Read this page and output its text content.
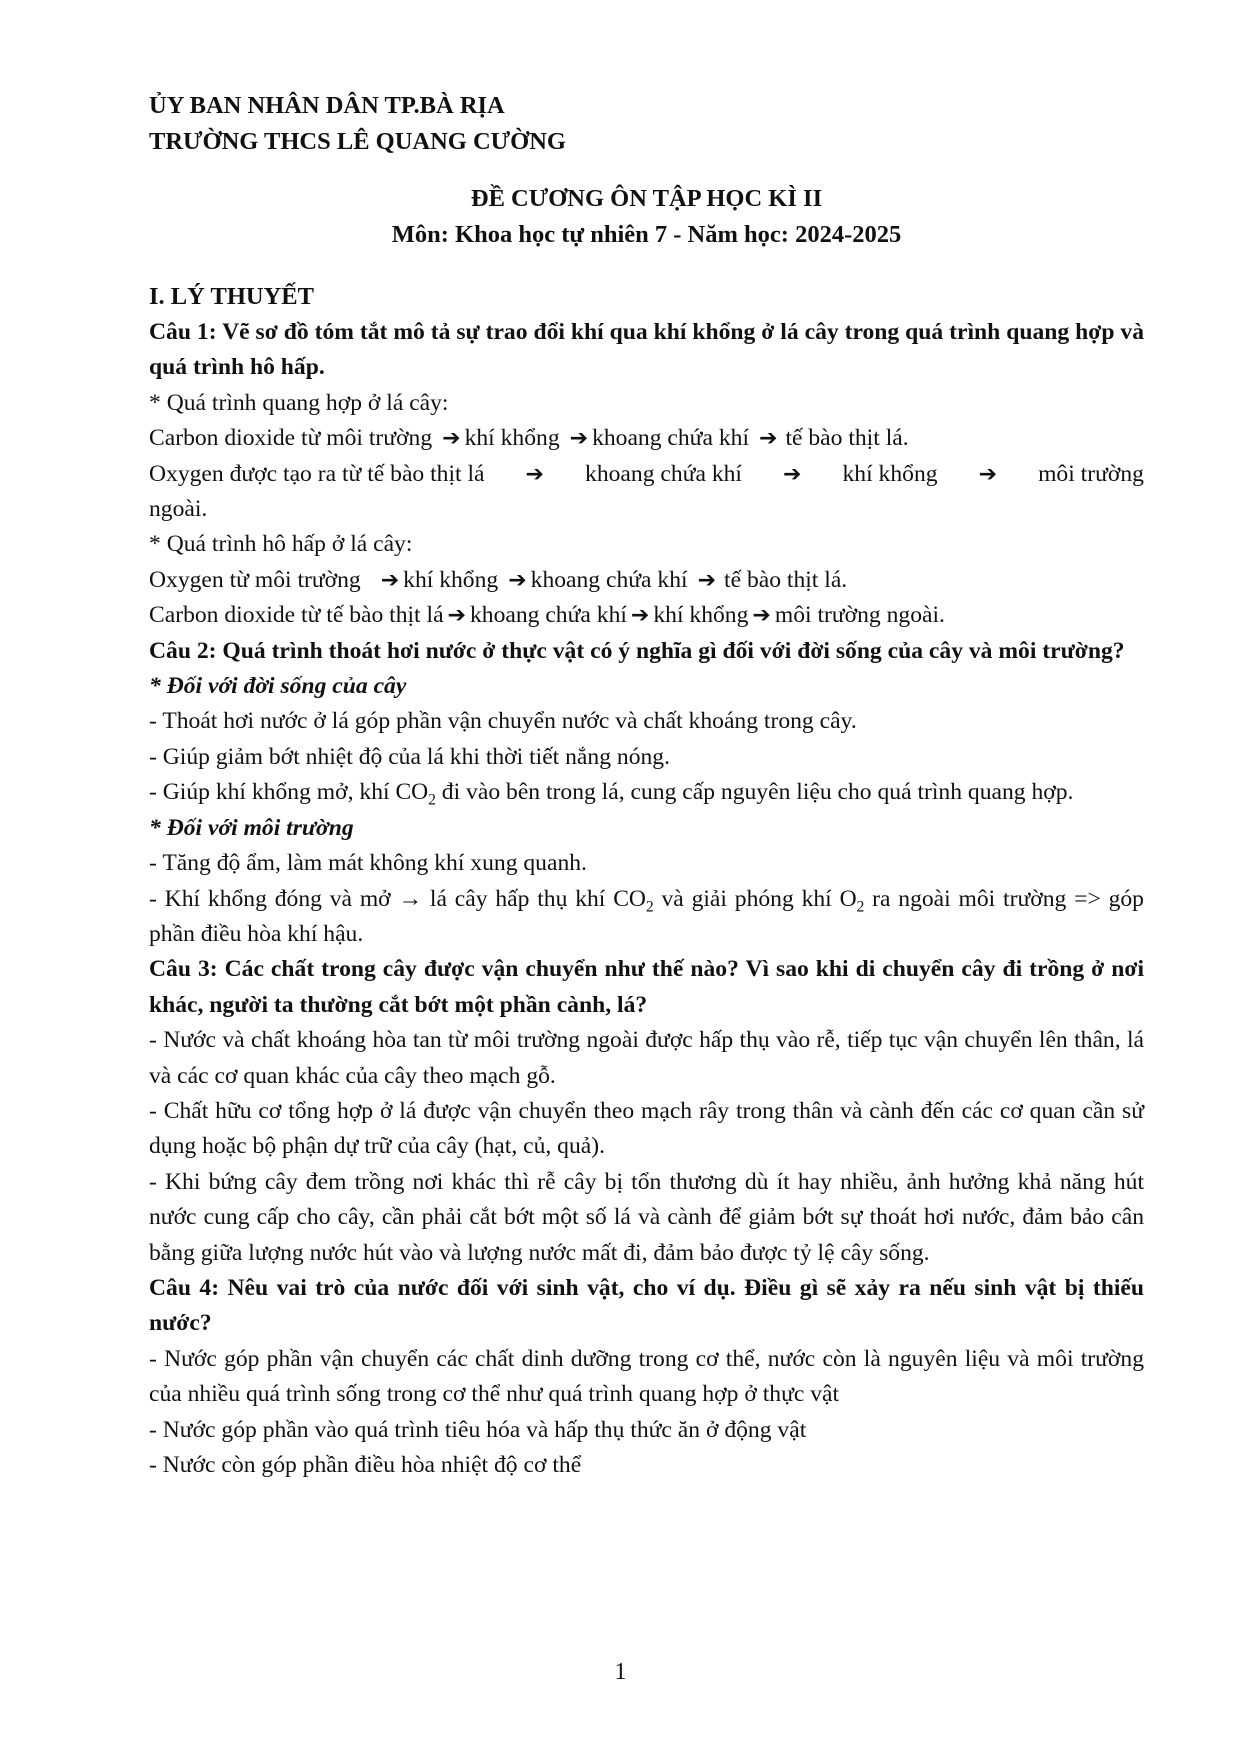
ỦY BAN NHÂN DÂN TP.BÀ RỊA

TRƯỜNG THCS LÊ QUANG CƯỜNG

ĐỀ CƯƠNG ÔN TẬP HỌC KÌ II

Môn: Khoa học tự nhiên 7 - Năm học: 2024-2025

I. LÝ THUYẾT

Câu 1: Vẽ sơ đồ tóm tắt mô tả sự trao đổi khí qua khí khổng ở lá cây trong quá trình quang hợp và quá trình hô hấp.

* Quá trình quang hợp ở lá cây:

Carbon dioxide từ môi trường ➔ khí khổng ➔ khoang chứa khí ➔ tế bào thịt lá.
Oxygen được tạo ra từ tế bào thịt lá ➔ khoang chứa khí ➔ khí khổng ➔ môi trường

ngoài.

* Quá trình hô hấp ở lá cây:

Oxygen từ môi trường ➔ khí khổng ➔ khoang chứa khí ➔ tế bào thịt lá.
Carbon dioxide từ tế bào thịt lá ➔ khoang chứa khí ➔ khí khổng ➔ môi trường ngoài.

Câu 2: Quá trình thoát hơi nước ở thực vật có ý nghĩa gì đối với đời sống của cây và môi trường?

* Đối với đời sống của cây

- Thoát hơi nước ở lá góp phần vận chuyển nước và chất khoáng trong cây.

- Giúp giảm bớt nhiệt độ của lá khi thời tiết nắng nóng.

- Giúp khí khổng mở, khí $CO_2$ đi vào bên trong lá, cung cấp nguyên liệu cho quá trình quang hợp.

* Đối với môi trường

- Tăng độ ẩm, làm mát không khí xung quanh.

- Khí khổng đóng và mở → lá cây hấp thụ khí $CO_2$ và giải phóng khí $O_2$ ra ngoài môi trường => góp phần điều hòa khí hậu.

Câu 3: Các chất trong cây được vận chuyển như thế nào? Vì sao khi di chuyển cây đi trồng ở nơi khác, người ta thường cắt bớt một phần cành, lá?

- Nước và chất khoáng hòa tan từ môi trường ngoài được hấp thụ vào rễ, tiếp tục vận chuyển lên thân, lá và các cơ quan khác của cây theo mạch gỗ.

- Chất hữu cơ tổng hợp ở lá được vận chuyển theo mạch rây trong thân và cành đến các cơ quan cần sử dụng hoặc bộ phận dự trữ của cây (hạt, củ, quả).

- Khi bứng cây đem trồng nơi khác thì rễ cây bị tổn thương dù ít hay nhiều, ảnh hưởng khả năng hút nước cung cấp cho cây, cần phải cắt bớt một số lá và cành để giảm bớt sự thoát hơi nước, đảm bảo cân bằng giữa lượng nước hút vào và lượng nước mất đi, đảm bảo được tỷ lệ cây sống.

Câu 4: Nêu vai trò của nước đối với sinh vật, cho ví dụ. Điều gì sẽ xảy ra nếu sinh vật bị thiếu nước?

- Nước góp phần vận chuyển các chất dinh dưỡng trong cơ thể, nước còn là nguyên liệu và môi trường của nhiều quá trình sống trong cơ thể như quá trình quang hợp ở thực vật

- Nước góp phần vào quá trình tiêu hóa và hấp thụ thức ăn ở động vật

- Nước còn góp phần điều hòa nhiệt độ cơ thể

1
